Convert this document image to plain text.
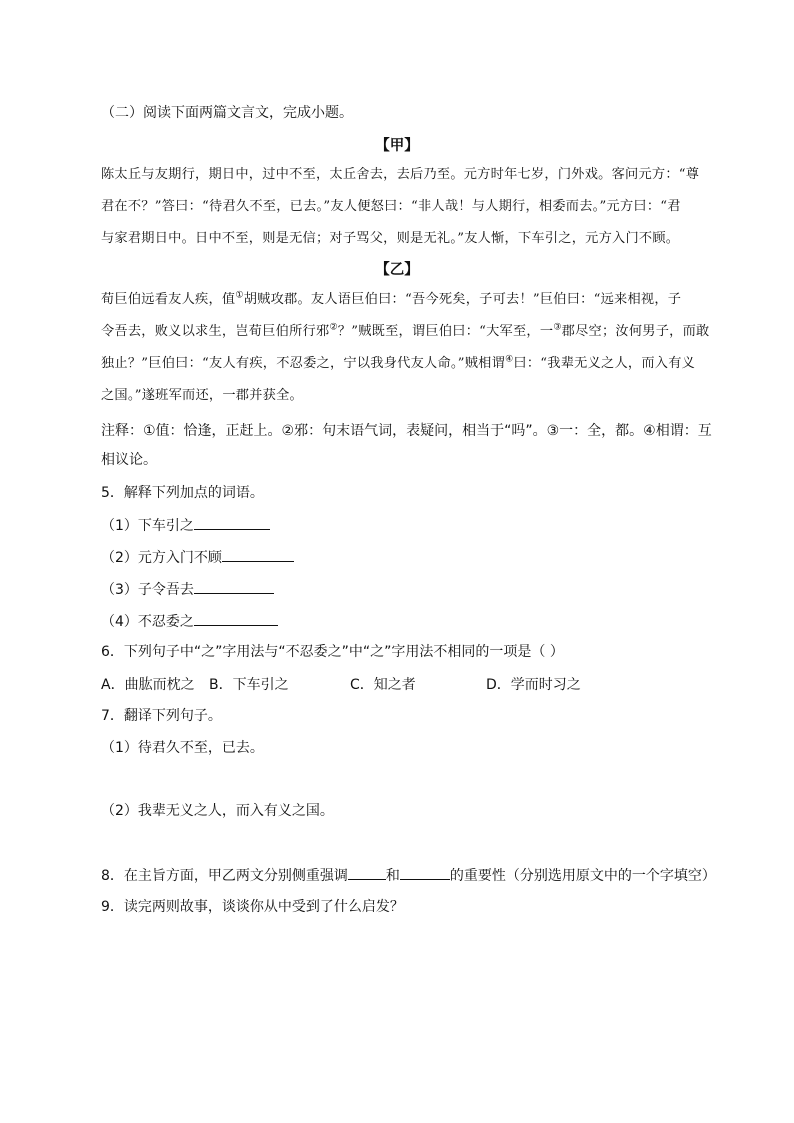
（二）阅读下面两篇文言文，完成小题。
【甲】
陈太丘与友期行，期日中，过中不至，太丘舍去，去后乃至。元方时年七岁，门外戏。客问元方：“尊
君在不？”答曰：“待君久不至，已去。”友人便怒曰：“非人哉！与人期行，相委而去。”元方曰：“君
与家君期日中。日中不至，则是无信；对子骂父，则是无礼。”友人惭，下车引之，元方入门不顾。
【乙】
荀巨伯远看友人疾，值①胡贼攻郡。友人语巨伯曰：“吾今死矣，子可去！”巨伯曰：“远来相视，子
令吾去，败义以求生，岂荀巨伯所行邪②？”贼既至，谓巨伯曰：“大军至，一③郡尽空；汝何男子，而敢
独止？”巨伯曰：“友人有疾，不忍委之，宁以我身代友人命。”贼相谓④曰：“我辈无义之人，而入有义
之国。”遂班军而还，一郡并获全。
注释：①值：恰逢，正赶上。②邪：句末语气词，表疑问，相当于“吗”。③一：全，都。④相谓：互
相议论。
5．解释下列加点的词语。
（1）下车引之
（2）元方入门不顾
（3）子令吾去
（4）不忍委之
6．下列句子中“之”字用法与“不忍委之”中“之”字用法不相同的一项是（ ）
A．曲肱而枕之 B．下车引之	C．知之者	D．学而时习之
7．翻译下列句子。
（1）待君久不至，已去。
（2）我辈无义之人，而入有义之国。
8．在主旨方面，甲乙两文分别侧重强调	和	的重要性（分别选用原文中的一个字填空）
9．读完两则故事，谈谈你从中受到了什么启发？
